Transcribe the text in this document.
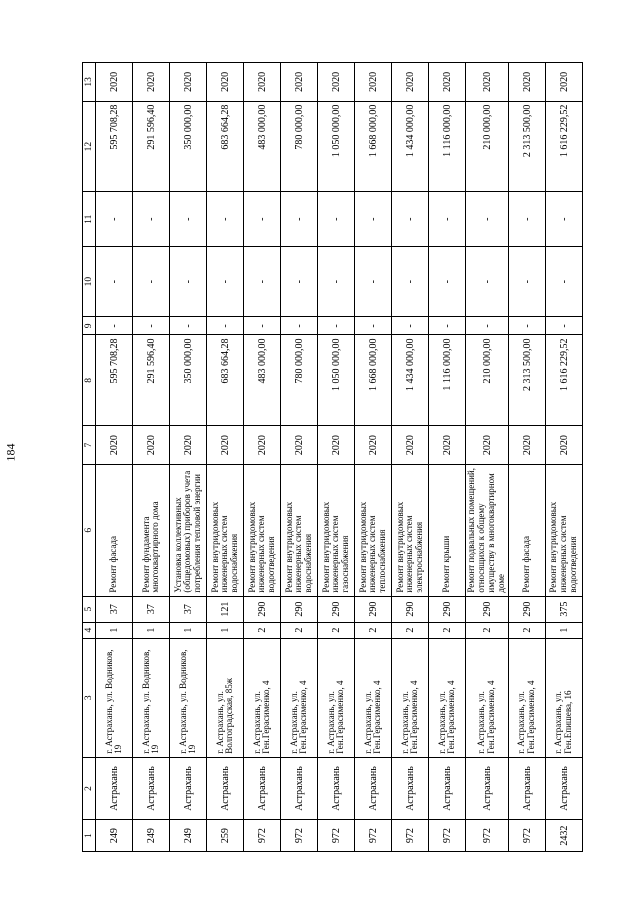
184
1	2	3	4	5	6	7	8	9	10	11	12	13
249	Астрахань	г. Астрахань, ул. Водников, 19	1	37	Ремонт фасада	2020	595 708,28	-	-	-	595 708,28	2020
249	Астрахань	г. Астрахань, ул. Водников, 19	1	37	Ремонт фундамента многоквартирного дома	2020	291 596,40	-	-	-	291 596,40	2020
249	Астрахань	г. Астрахань, ул. Водников, 19	1	37	Установка коллективных (общедомовых) приборов учета потребления тепловой энергии	2020	350 000,00	-	-	-	350 000,00	2020
259	Астрахань	г. Астрахань, ул. Волгоградская, 85ж	1	121	Ремонт внутридомовых инженерных систем водоснабжения	2020	683 664,28	-	-	-	683 664,28	2020
972	Астрахань	г. Астрахань, ул. Ген.Герасименко, 4	2	290	Ремонт внутридомовых инженерных систем водоотведения	2020	483 000,00	-	-	-	483 000,00	2020
972	Астрахань	г. Астрахань, ул. Ген.Герасименко, 4	2	290	Ремонт внутридомовых инженерных систем водоснабжения	2020	780 000,00	-	-	-	780 000,00	2020
972	Астрахань	г. Астрахань, ул. Ген.Герасименко, 4	2	290	Ремонт внутридомовых инженерных систем газоснабжения	2020	1 050 000,00	-	-	-	1 050 000,00	2020
972	Астрахань	г. Астрахань, ул. Ген.Герасименко, 4	2	290	Ремонт внутридомовых инженерных систем теплоснабжения	2020	1 668 000,00	-	-	-	1 668 000,00	2020
972	Астрахань	г. Астрахань, ул. Ген.Герасименко, 4	2	290	Ремонт внутридомовых инженерных систем электроснабжения	2020	1 434 000,00	-	-	-	1 434 000,00	2020
972	Астрахань	г. Астрахань, ул. Ген.Герасименко, 4	2	290	Ремонт крыши	2020	1 116 000,00	-	-	-	1 116 000,00	2020
972	Астрахань	г. Астрахань, ул. Ген.Герасименко, 4	2	290	Ремонт подвальных помещений, относящихся к общему имуществу в многоквартирном доме	2020	210 000,00	-	-	-	210 000,00	2020
972	Астрахань	г. Астрахань, ул. Ген.Герасименко, 4	2	290	Ремонт фасада	2020	2 313 500,00	-	-	-	2 313 500,00	2020
2432	Астрахань	г. Астрахань, ул. Ген.Епишева, 16	1	375	Ремонт внутридомовых инженерных систем водоотведения	2020	1 616 229,52	-	-	-	1 616 229,52	2020
